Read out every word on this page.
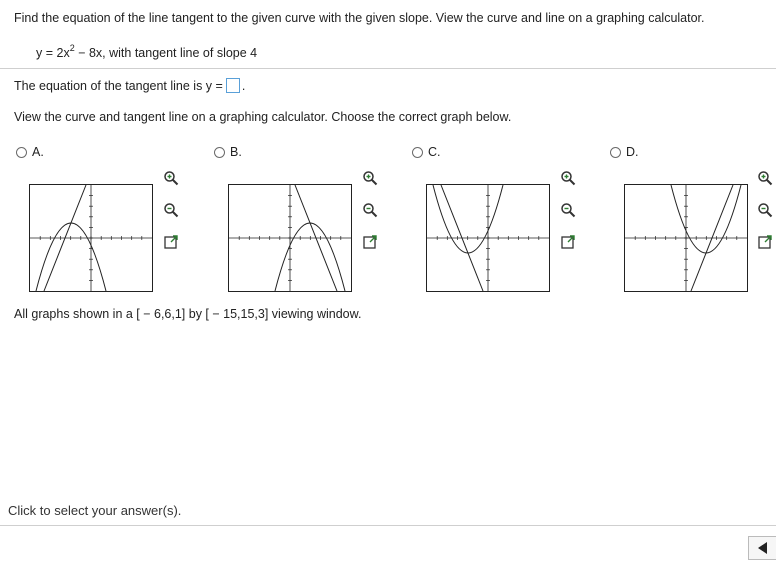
Find the equation of the line tangent to the given curve with the given slope. View the curve and line on a graphing calculator.
$y = 2x^2 - 8x$, with tangent line of slope 4
The equation of the tangent line is y = .
View the curve and tangent line on a graphing calculator. Choose the correct graph below.
A.	B.	C.	D.
All graphs shown in a [ − 6,6,1] by [ − 15,15,3] viewing window.
Click to select your answer(s).
